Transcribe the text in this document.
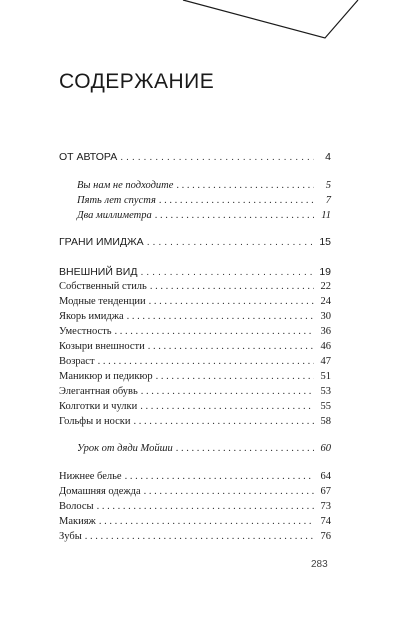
СОДЕРЖАНИЕ
ОТ АВТОРА . . .	4
Вы нам не подходите . . .	5
Пять лет спустя . . .	7
Два миллиметра . . .	11
ГРАНИ ИМИДЖА . . .	15
ВНЕШНИЙ ВИД . . .	19
Собственный стиль . . .	22
Модные тенденции . . .	24
Якорь имиджа . . .	30
Уместность . . .	36
Козыри внешности . . .	46
Возраст . . .	47
Маникюр и педикюр . . .	51
Элегантная обувь . . .	53
Колготки и чулки . . .	55
Гольфы и носки . . .	58
Урок от дяди Мойши . . .	60
Нижнее белье . . .	64
Домашняя одежда . . .	67
Волосы . . .	73
Макияж . . .	74
Зубы . . .	76
283
